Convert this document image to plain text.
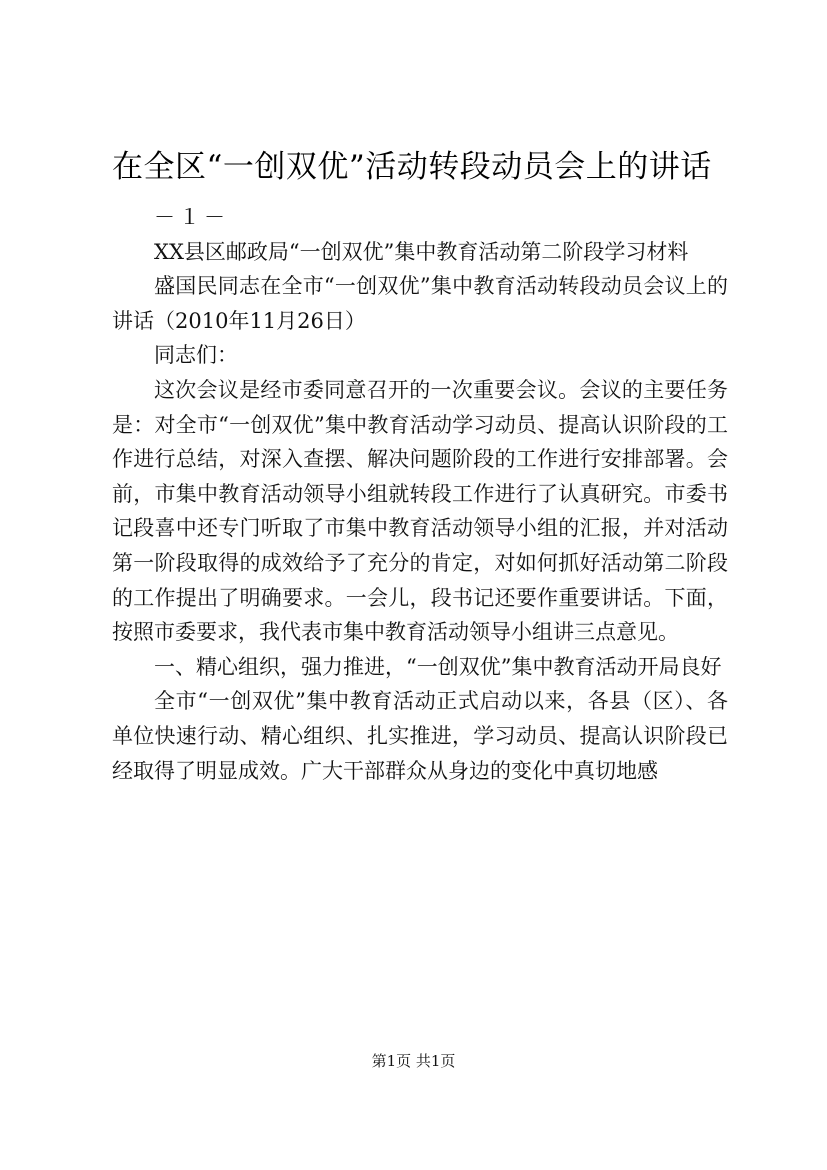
在全区“一创双优”活动转段动员会上的讲话

－１－

XX县区邮政局“一创双优”集中教育活动第二阶段学习材料

盛国民同志在全市“一创双优”集中教育活动转段动员会议上的讲话（2010年11月26日）

同志们：

这次会议是经市委同意召开的一次重要会议。会议的主要任务是：对全市“一创双优”集中教育活动学习动员、提高认识阶段的工作进行总结，对深入查摆、解决问题阶段的工作进行安排部署。会前，市集中教育活动领导小组就转段工作进行了认真研究。市委书记段喜中还专门听取了市集中教育活动领导小组的汇报，并对活动第一阶段取得的成效给予了充分的肯定，对如何抓好活动第二阶段的工作提出了明确要求。一会儿，段书记还要作重要讲话。下面，按照市委要求，我代表市集中教育活动领导小组讲三点意见。

一、精心组织，强力推进，“一创双优”集中教育活动开局良好

全市“一创双优”集中教育活动正式启动以来，各县（区）、各单位快速行动、精心组织、扎实推进，学习动员、提高认识阶段已经取得了明显成效。广大干部群众从身边的变化中真切地感

第1页 共1页
